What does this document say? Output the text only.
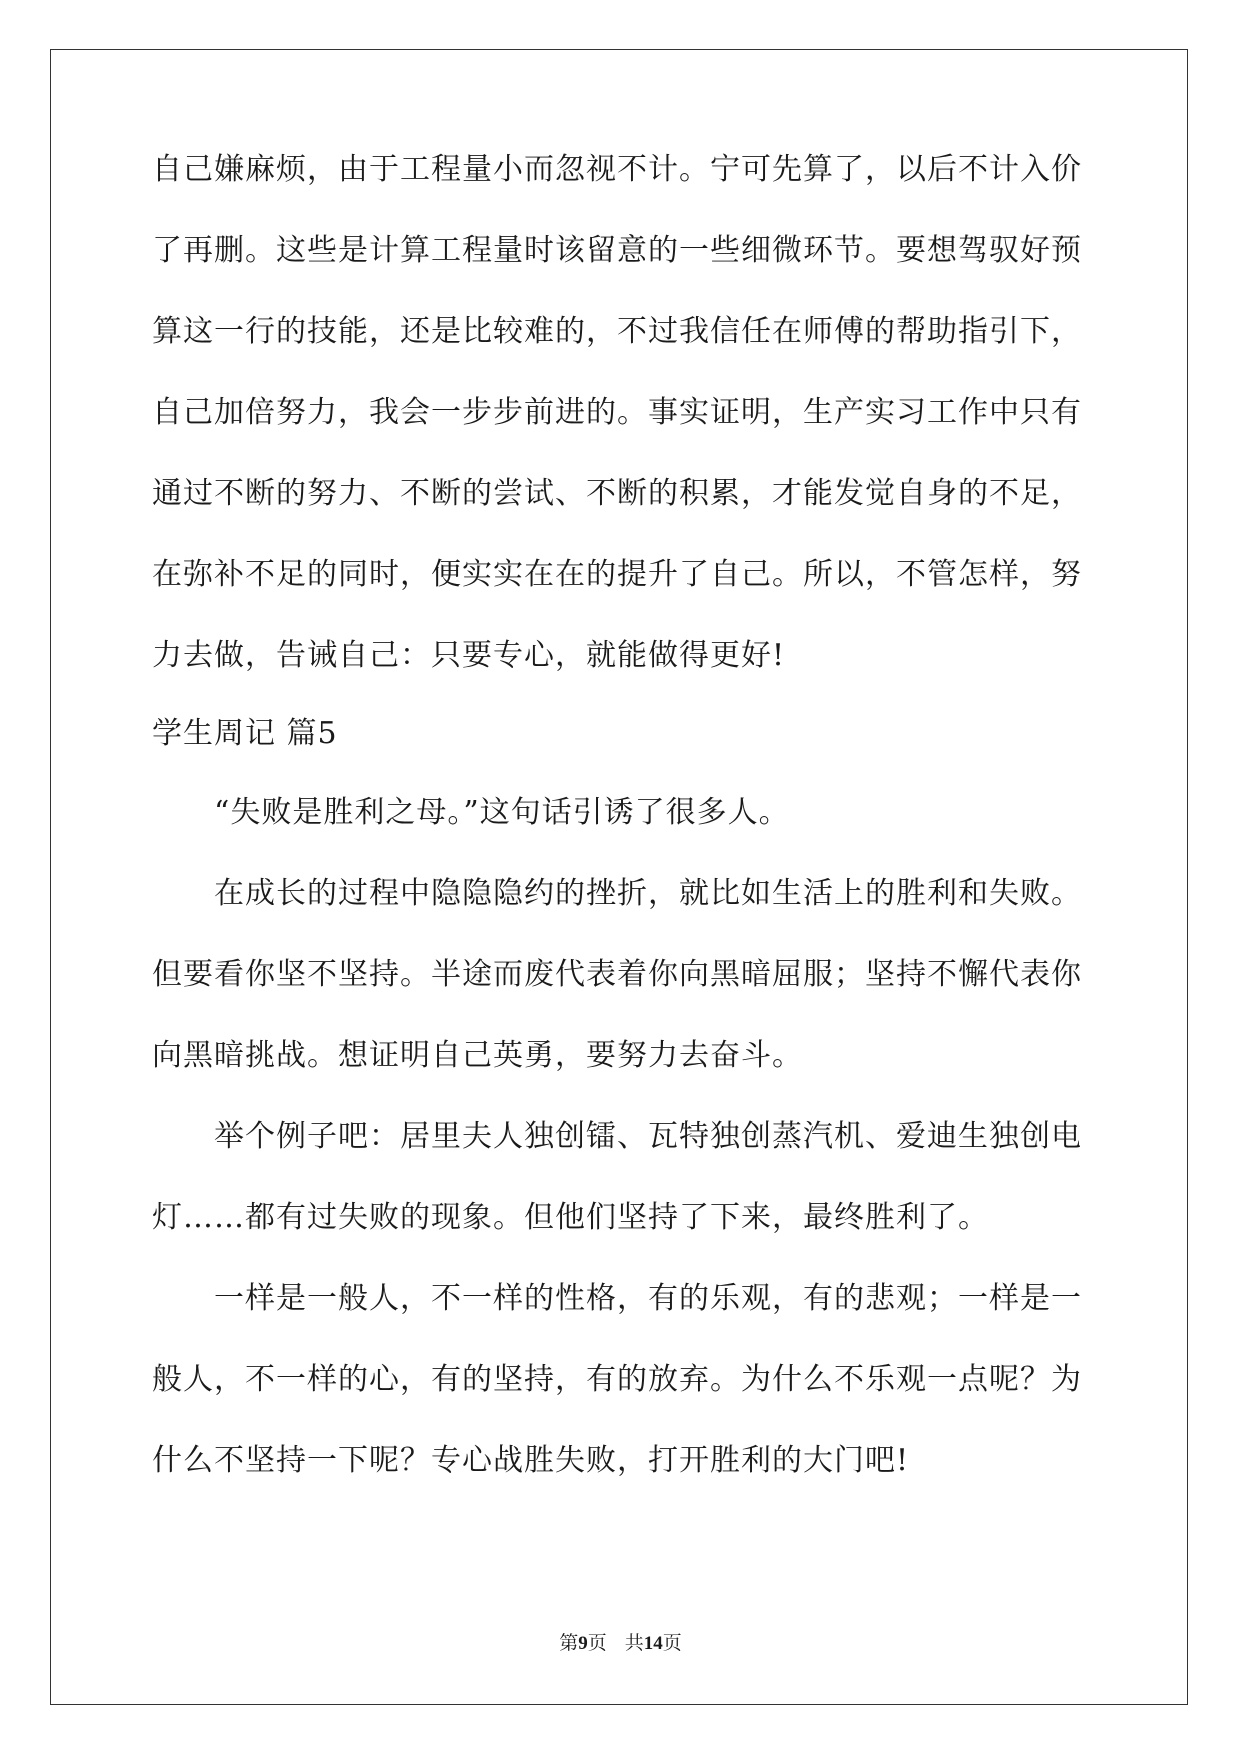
自己嫌麻烦，由于工程量小而忽视不计。宁可先算了，以后不计入价
了再删。这些是计算工程量时该留意的一些细微环节。要想驾驭好预
算这一行的技能，还是比较难的，不过我信任在师傅的帮助指引下，
自己加倍努力，我会一步步前进的。事实证明，生产实习工作中只有
通过不断的努力、不断的尝试、不断的积累，才能发觉自身的不足，
在弥补不足的同时，便实实在在的提升了自己。所以，不管怎样，努
力去做，告诫自己：只要专心，就能做得更好!
学生周记 篇5
“失败是胜利之母。”这句话引诱了很多人。
在成长的过程中隐隐隐约的挫折，就比如生活上的胜利和失败。
但要看你坚不坚持。半途而废代表着你向黑暗屈服；坚持不懈代表你
向黑暗挑战。想证明自己英勇，要努力去奋斗。
举个例子吧：居里夫人独创镭、瓦特独创蒸汽机、爱迪生独创电
灯……都有过失败的现象。但他们坚持了下来，最终胜利了。
一样是一般人，不一样的性格，有的乐观，有的悲观；一样是一
般人，不一样的心，有的坚持，有的放弃。为什么不乐观一点呢？为
什么不坚持一下呢？专心战胜失败，打开胜利的大门吧!
第9页 共14页
